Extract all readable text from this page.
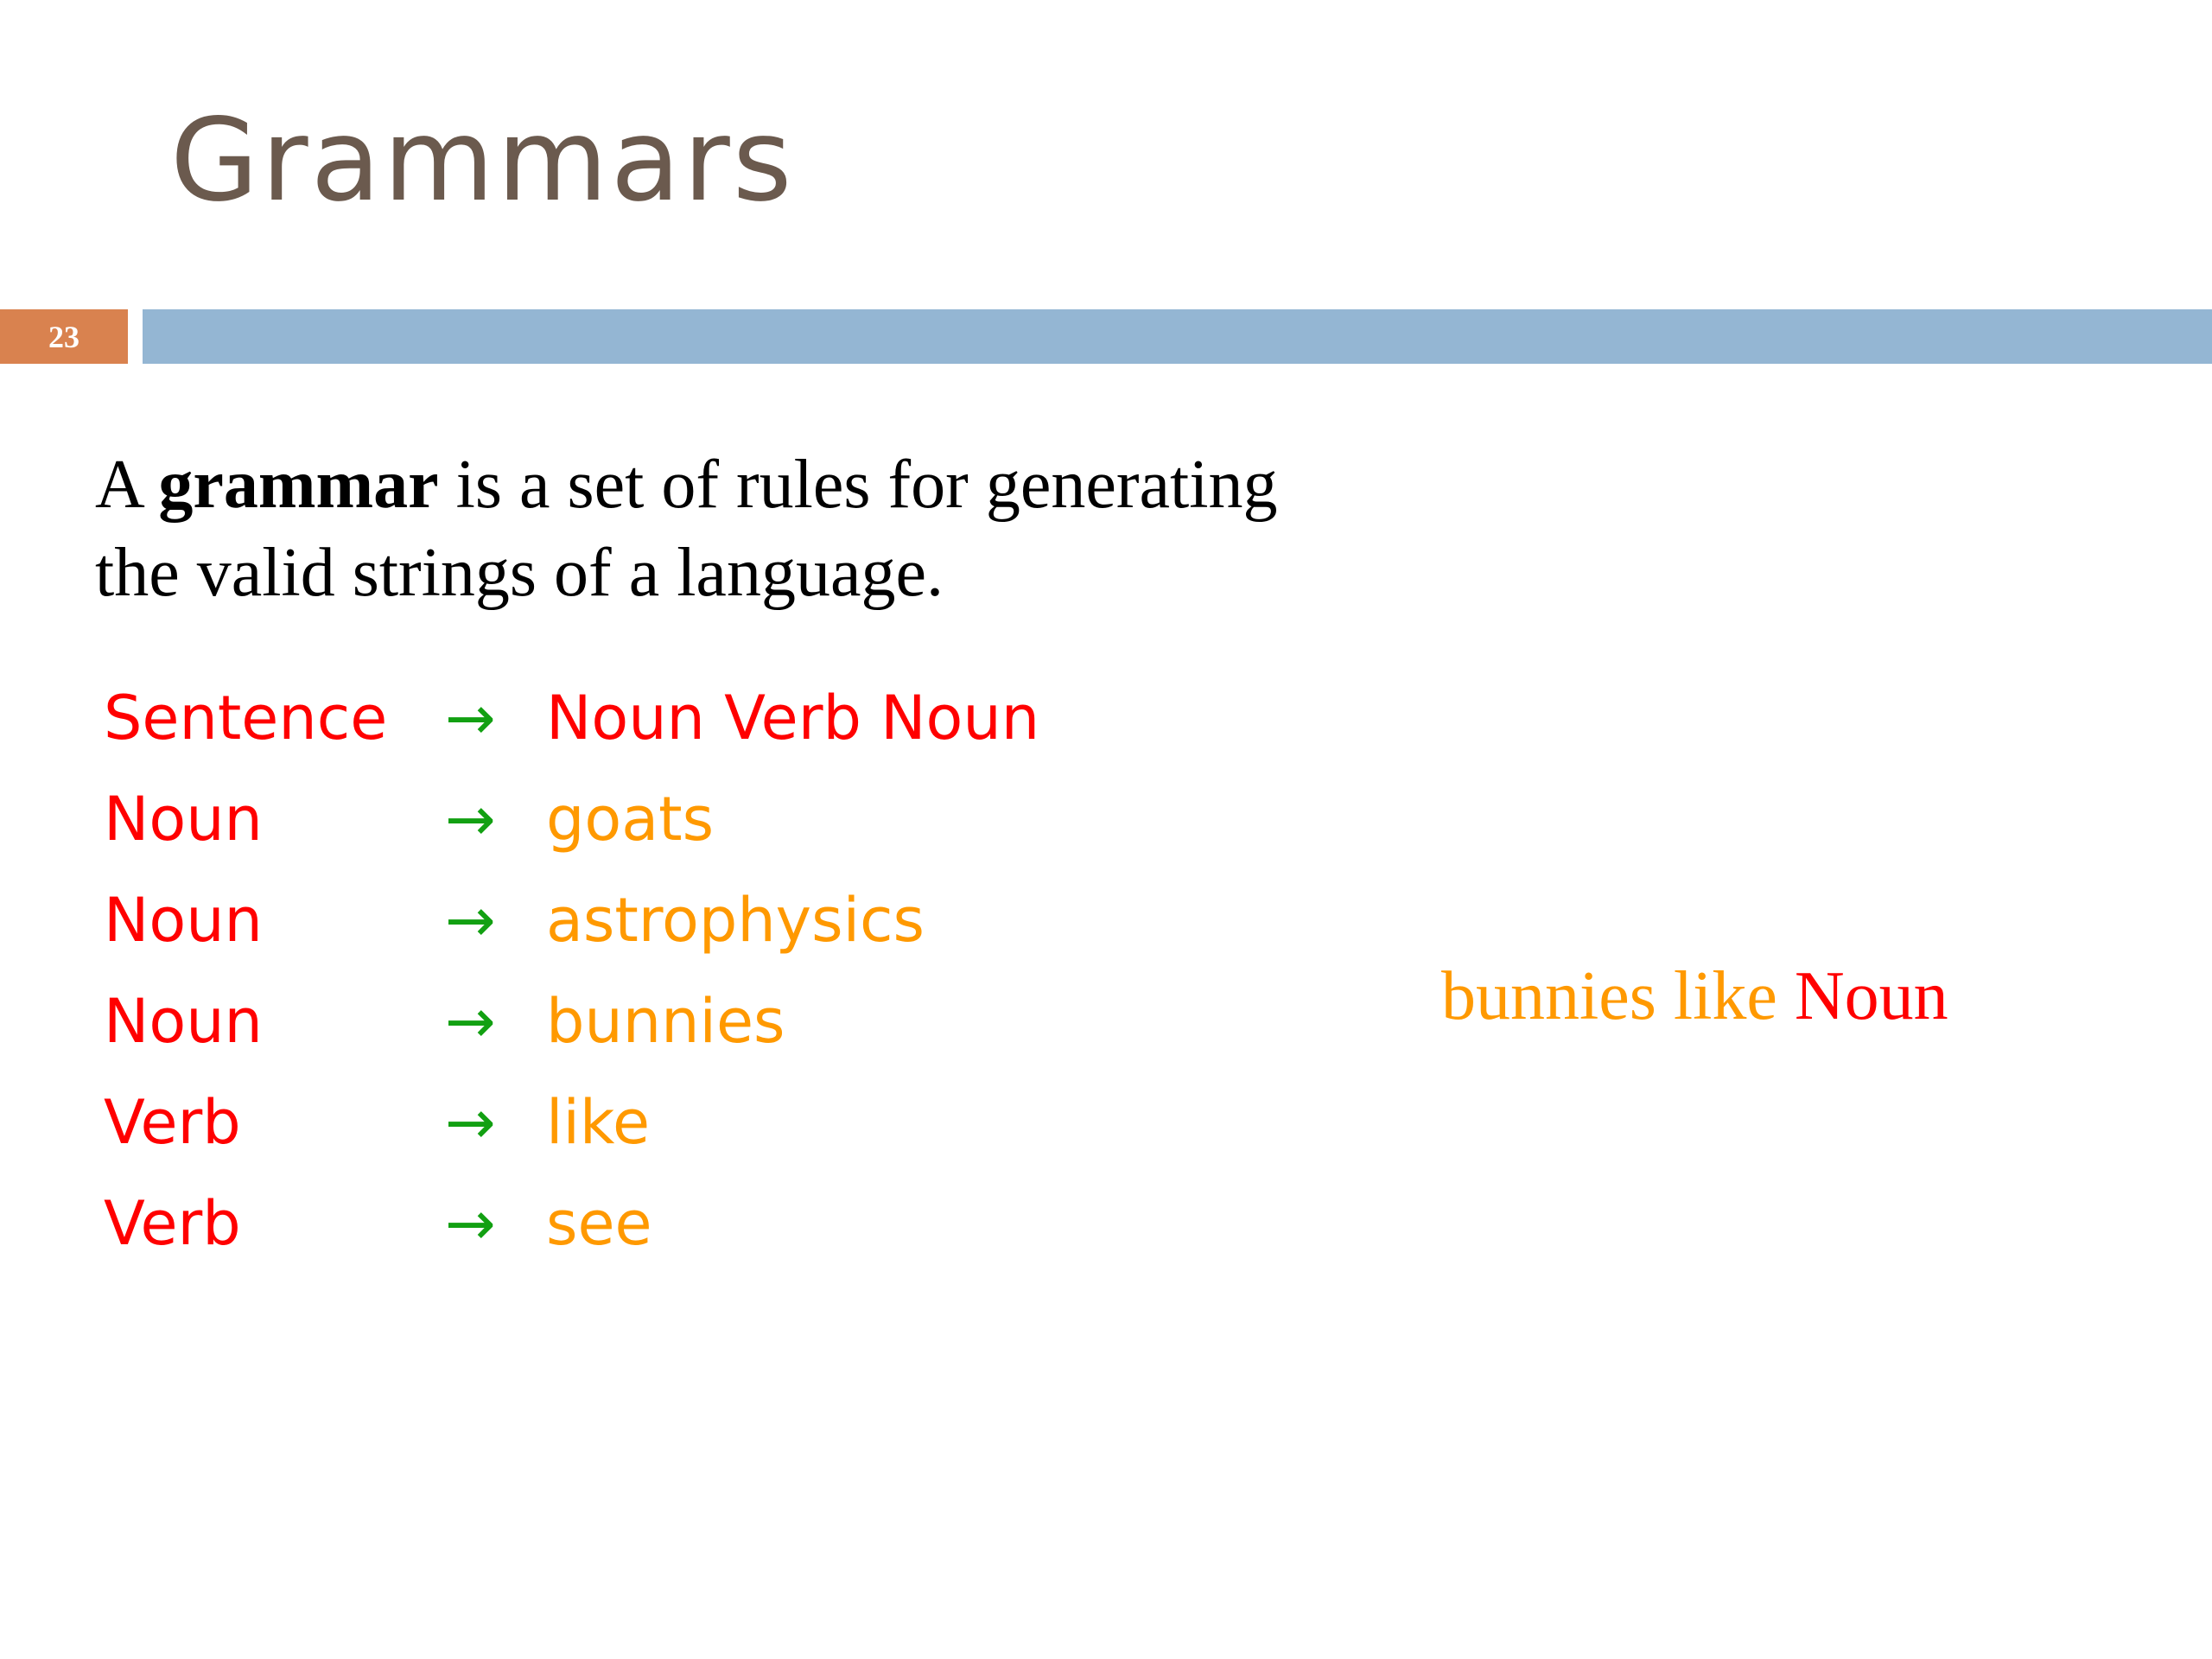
Grammars
23
A grammar is a set of rules for generating
the valid strings of a language.
Sentence → Noun Verb Noun
Noun	→ goats
Noun	→ astrophysics
Noun	→ bunnies
Verb	→ like
Verb	→ see
bunnies like Noun
